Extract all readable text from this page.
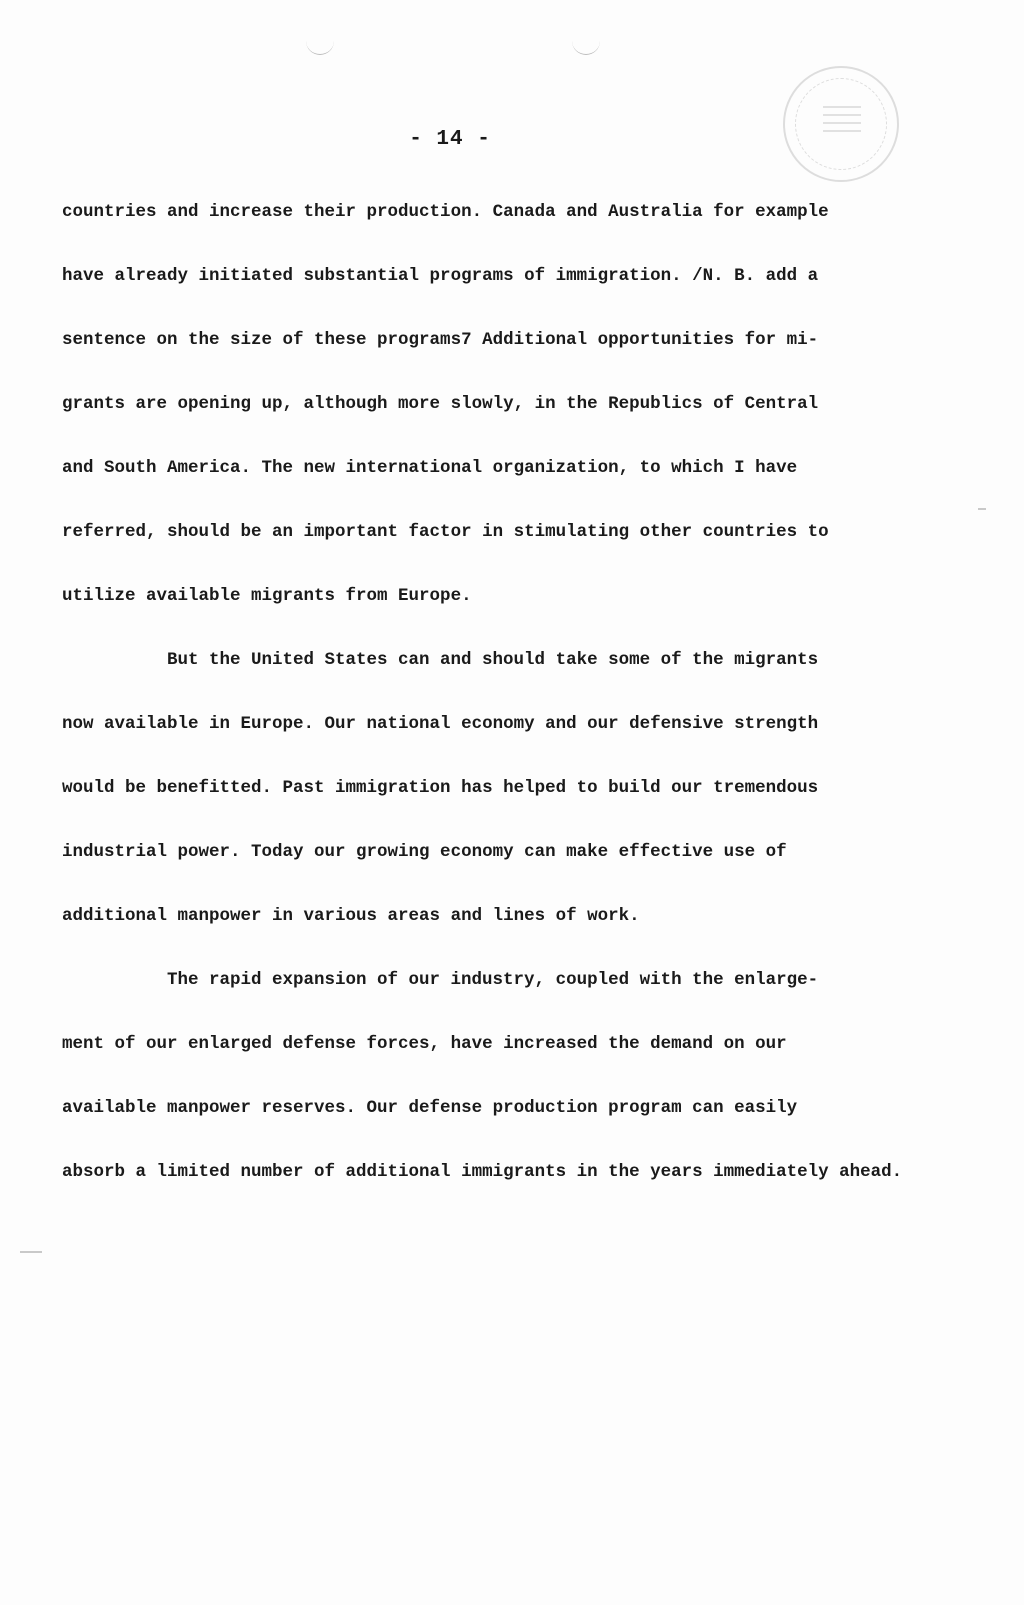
- 14 -
countries and increase their production. Canada and Australia for example
have already initiated substantial programs of immigration. /N. B. add a
sentence on the size of these programs7 Additional opportunities for mi-
grants are opening up, although more slowly, in the Republics of Central
and South America. The new international organization, to which I have
referred, should be an important factor in stimulating other countries to
utilize available migrants from Europe.
But the United States can and should take some of the migrants
now available in Europe. Our national economy and our defensive strength
would be benefitted. Past immigration has helped to build our tremendous
industrial power. Today our growing economy can make effective use of
additional manpower in various areas and lines of work.
The rapid expansion of our industry, coupled with the enlarge-
ment of our enlarged defense forces, have increased the demand on our
available manpower reserves. Our defense production program can easily
absorb a limited number of additional immigrants in the years immediately ahead.
